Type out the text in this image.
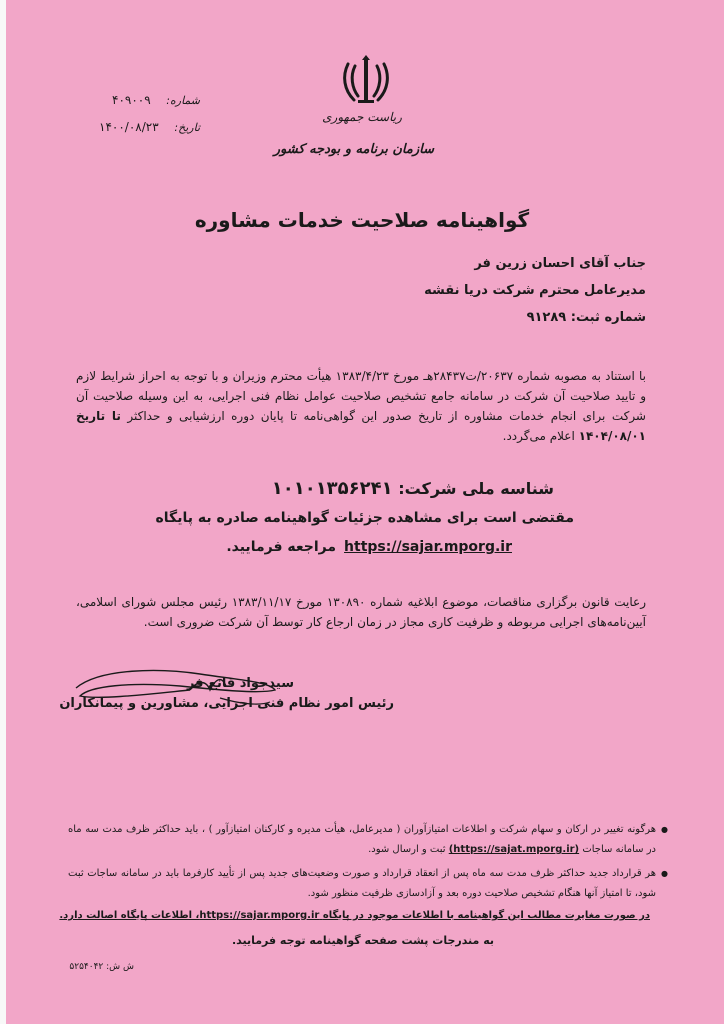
ریاست جمهوری
سازمان برنامه و بودجه کشور
شماره:
۴۰۹۰۰۹
تاریخ:
۱۴۰۰/۰۸/۲۳
گواهینامه صلاحیت خدمات مشاوره
جناب آقای احسان زرین فر
مدیرعامل محترم شرکت دریا نقشه
شماره ثبت: ۹۱۲۸۹

با استناد به مصوبه شماره ۲۰۶۳۷/ت۲۸۴۳۷هـ مورخ ۱۳۸۳/۴/۲۳ هیأت محترم وزیران و با توجه به احراز شرایط لازم و تایید صلاحیت آن شرکت در سامانه جامع تشخیص صلاحیت عوامل نظام فنی اجرایی، به این وسیله صلاحیت آن شرکت برای انجام خدمات مشاوره از تاریخ صدور این گواهی‌نامه تا پایان دوره ارزشیابی و حداکثر تا تاریخ ۱۴۰۴/۰۸/۰۱ اعلام می‌گردد.

شناسه ملی شرکت: ۱۰۱۰۱۳۵۶۲۴۱
مقتضی است برای مشاهده جزئیات گواهینامه صادره به پایگاه
https://sajar.mporg.irمراجعه فرمایید.

رعایت قانون برگزاری مناقصات، موضوع ابلاغیه شماره ۱۳۰۸۹۰ مورخ ۱۳۸۳/۱۱/۱۷ رئیس مجلس شورای اسلامی، آیین‌نامه‌های اجرایی مربوطه و ظرفیت کاری مجاز در زمان ارجاع کار توسط آن شرکت ضروری است.

سیدجواد قانع فر
رئیس امور نظام فنی اجرایی، مشاورین و پیمانکاران
● هرگونه تغییر در ارکان و سهام شرکت و اطلاعات امتیازآوران ( مدیرعامل، هیأت مدیره و کارکنان امتیازآور ) ، باید حداکثر ظرف مدت سه ماه در سامانه ساجات (https://sajat.mporg.ir) ثبت و ارسال شود.
● هر قرارداد جدید حداکثر ظرف مدت سه ماه پس از انعقاد قرارداد و صورت وضعیت‌های جدید پس از تأیید کارفرما باید در سامانه ساجات ثبت شود، تا امتیاز آنها هنگام تشخیص صلاحیت دوره بعد و آزادسازی ظرفیت منظور شود.
در صورت مغایرت مطالب این گواهینامه با اطلاعات موجود در پایگاه https://sajar.mporg.ir، اطلاعات پایگاه اصالت دارد.
به مندرجات پشت صفحه گواهینامه توجه فرمایید.
ش ش: ۵۲۵۴۰۴۲
